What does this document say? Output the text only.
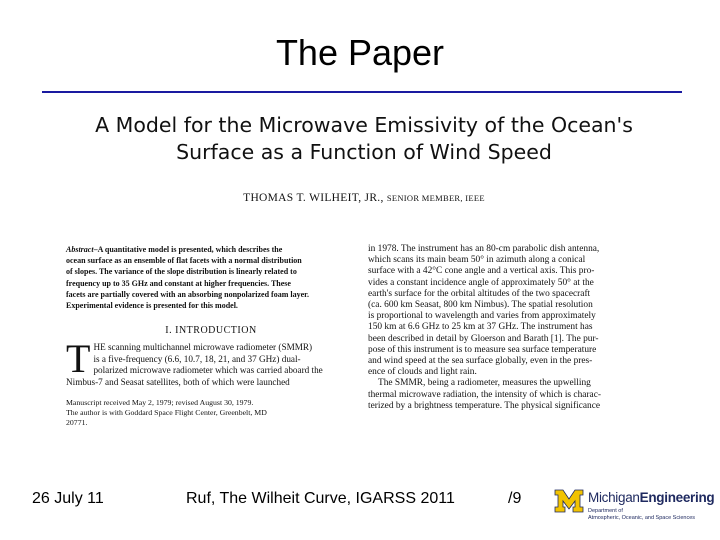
The Paper
A Model for the Microwave Emissivity of the Ocean's
Surface as a Function of Wind Speed
THOMAS T. WILHEIT, JR., SENIOR MEMBER, IEEE
Abstract–A quantitative model is presented, which describes the
ocean surface as an ensemble of flat facets with a normal distribution
of slopes. The variance of the slope distribution is linearly related to
frequency up to 35 GHz and constant at higher frequencies. These
facets are partially covered with an absorbing nonpolarized foam layer.
Experimental evidence is presented for this model.
I. INTRODUCTION
T HE scanning multichannel microwave radiometer (SMMR)
is a five-frequency (6.6, 10.7, 18, 21, and 37 GHz) dual-
polarized microwave radiometer which was carried aboard the
Nimbus-7 and Seasat satellites, both of which were launched
Manuscript received May 2, 1979; revised August 30, 1979.
The author is with Goddard Space Flight Center, Greenbelt, MD
20771.
in 1978. The instrument has an 80-cm parabolic dish antenna,
which scans its main beam 50° in azimuth along a conical
surface with a 42°C cone angle and a vertical axis. This pro-
vides a constant incidence angle of approximately 50° at the
earth's surface for the orbital altitudes of the two spacecraft
(ca. 600 km Seasat, 800 km Nimbus). The spatial resolution
is proportional to wavelength and varies from approximately
150 km at 6.6 GHz to 25 km at 37 GHz. The instrument has
been described in detail by Gloerson and Barath [1]. The pur-
pose of this instrument is to measure sea surface temperature
and wind speed at the sea surface globally, even in the pres-
ence of clouds and light rain.
The SMMR, being a radiometer, measures the upwelling
thermal microwave radiation, the intensity of which is charac-
terized by a brightness temperature. The physical significance
26 July 11	Ruf, The Wilheit Curve, IGARSS 2011	/9	MichiganEngineering
Department of
Atmospheric, Oceanic, and Space Sciences
